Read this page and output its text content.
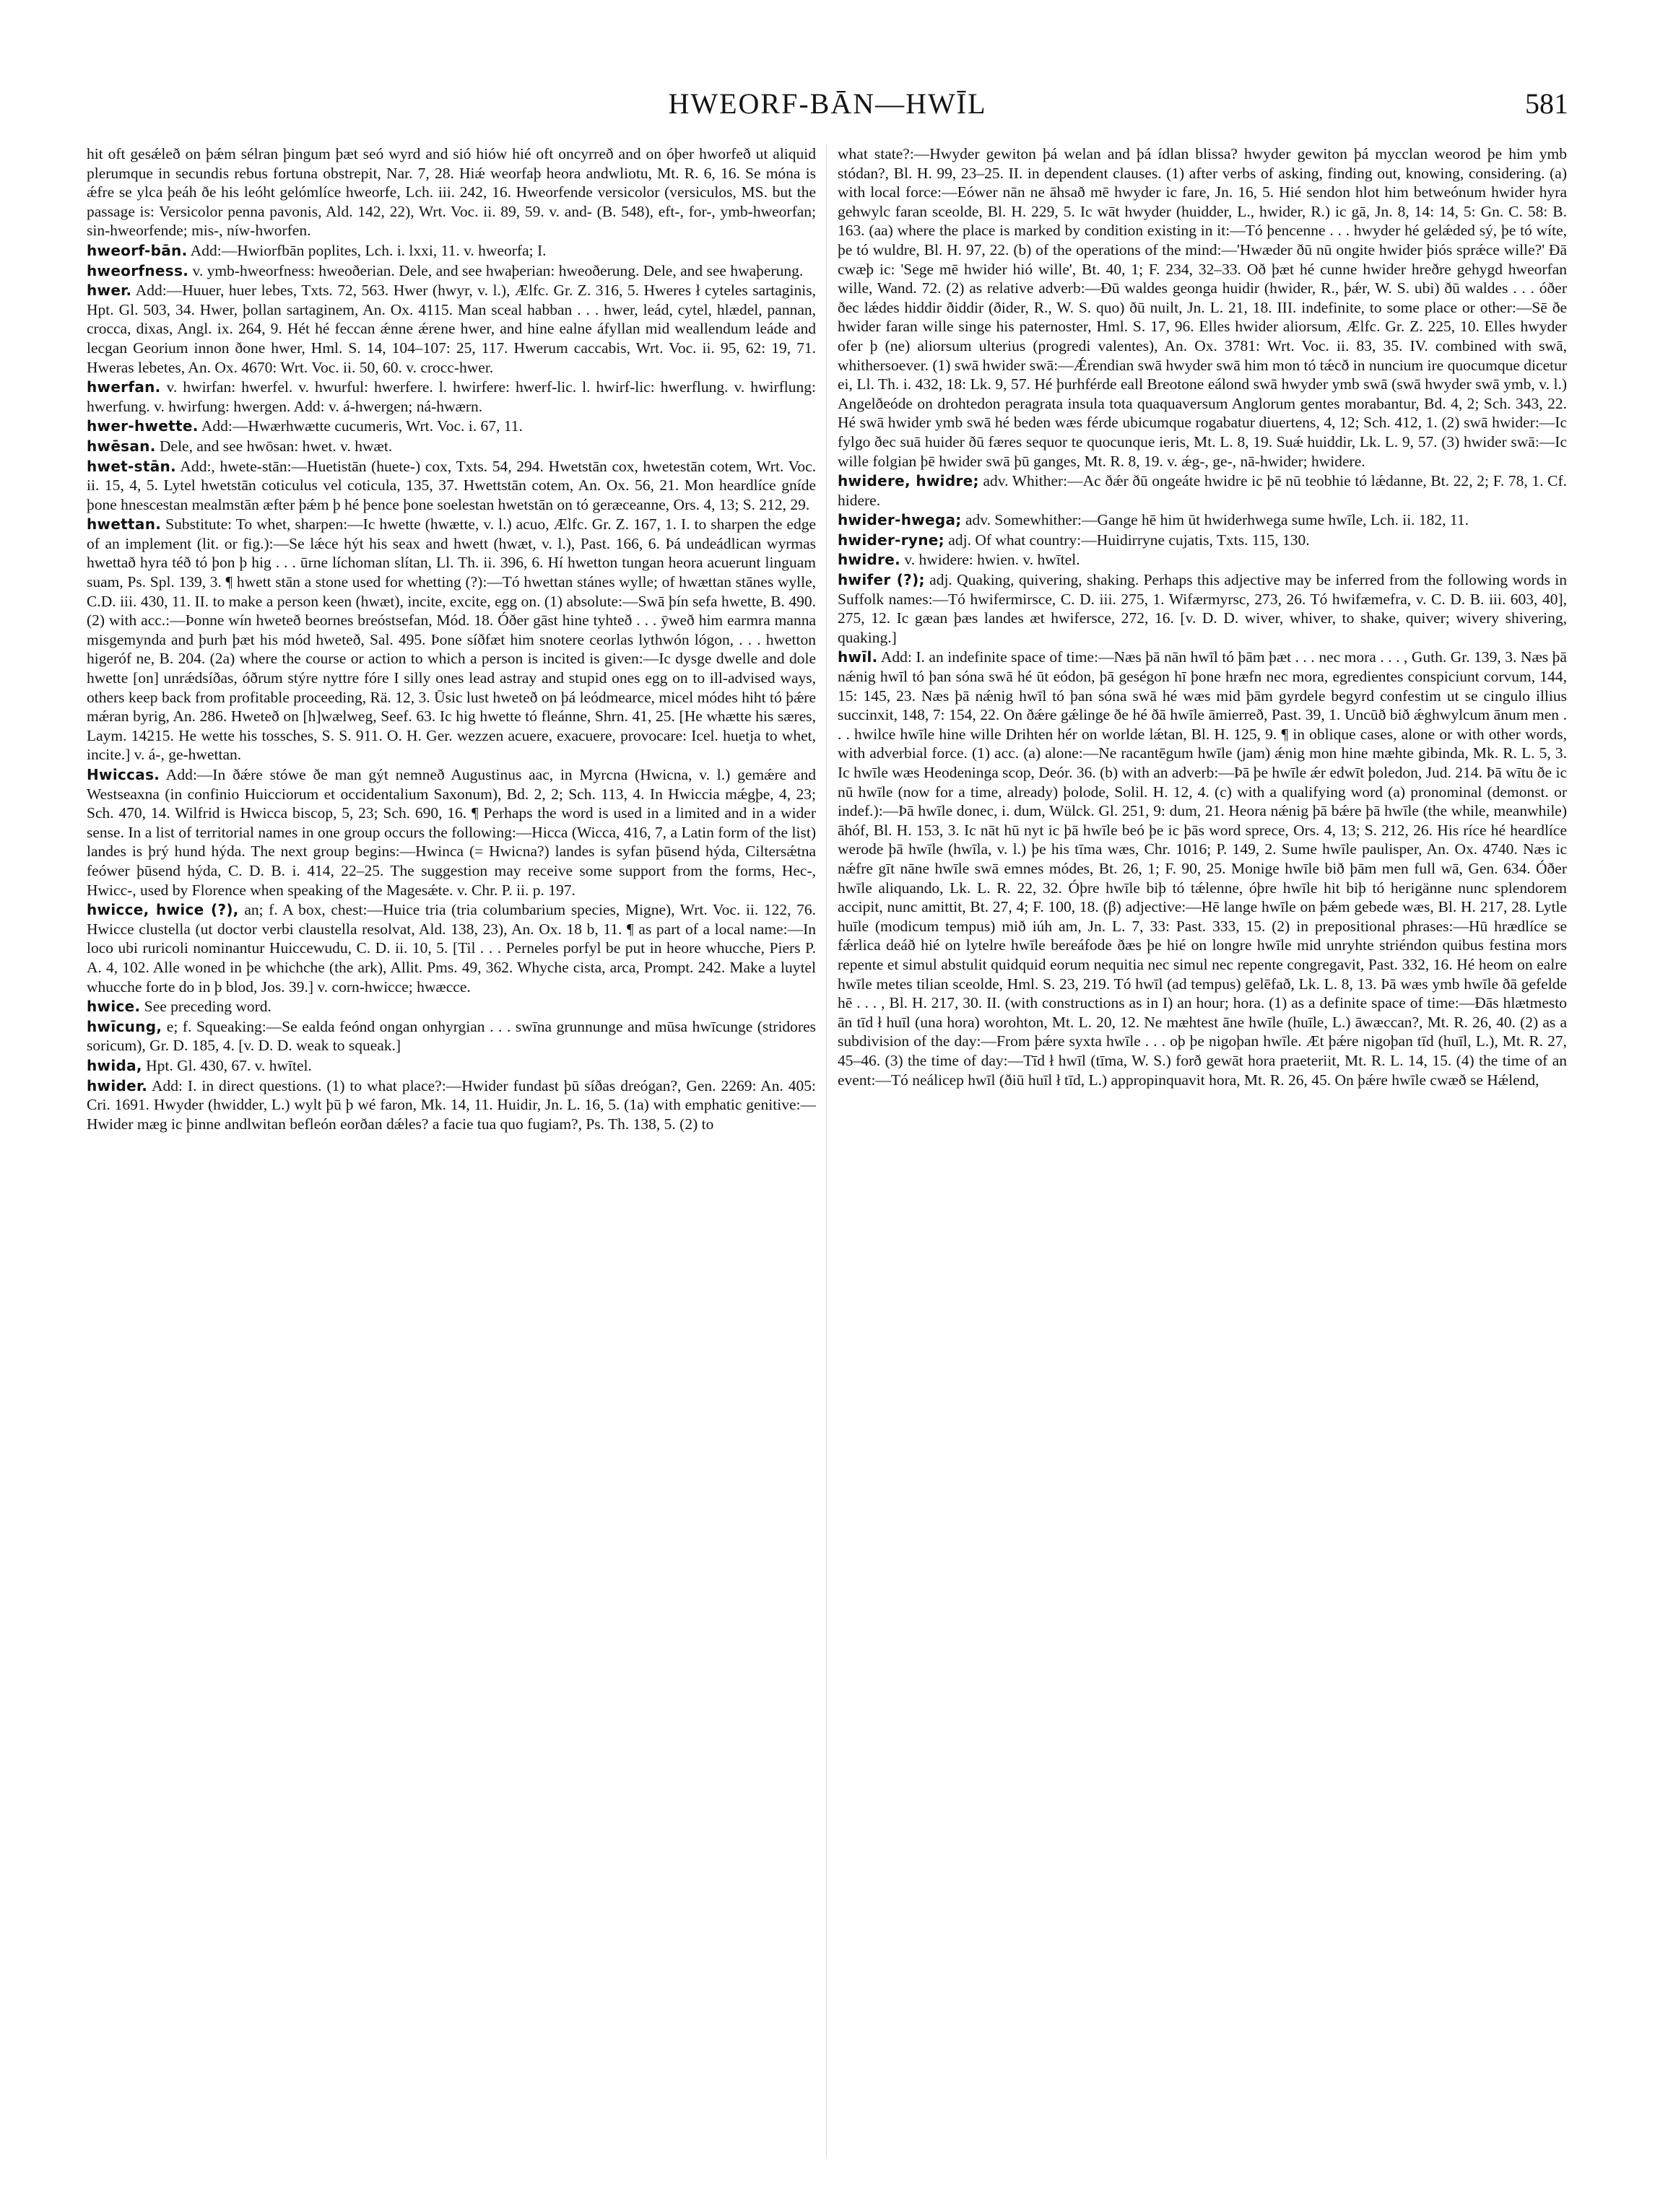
HWEORF-BĀN—HWĪL	581

hit oft gesǽleð on þǽm sélran þingum þæt seó wyrd and sió hiów hié oft oncyrreð and on óþer hworfeð ut aliquid plerumque in secundis rebus fortuna obstrepit, Nar. 7, 28. Hiǽ weorfaþ heora andwliotu, Mt. R. 6, 16. Se móna is ǽfre se ylca þeáh ðe his leóht gelómlíce hweorfe, Lch. iii. 242, 16. Hweorfende versicolor (versiculos, MS. but the passage is: Versicolor penna pavonis, Ald. 142, 22), Wrt. Voc. ii. 89, 59. v. and- (B. 548), eft-, for-, ymb-hweorfan; sin-hweorfende; mis-, níw-hworfen.

hweorf-bān. Add:—Hwiorfbān poplites, Lch. i. lxxi, 11. v. hweorfa; I.

hweorfness. v. ymb-hweorfness: hweoðerian. Dele, and see hwaþerian: hweoðerung. Dele, and see hwaþerung.

hwer. Add:—Huuer, huer lebes, Txts. 72, 563. Hwer (hwyr, v. l.), Ælfc. Gr. Z. 316, 5. Hweres ł cyteles sartaginis, Hpt. Gl. 503, 34. Hwer, þollan sartaginem, An. Ox. 4115. Man sceal habban . . . hwer, leád, cytel, hlædel, pannan, crocca, dixas, Angl. ix. 264, 9. Hét hé feccan ǽnne ǽrene hwer, and hine ealne áfyllan mid weallendum leáde and lecgan Georium innon ðone hwer, Hml. S. 14, 104–107: 25, 117. Hwerum caccabis, Wrt. Voc. ii. 95, 62: 19, 71. Hweras lebetes, An. Ox. 4670: Wrt. Voc. ii. 50, 60. v. crocc-hwer.

hwerfan. v. hwirfan: hwerfel. v. hwurful: hwerfere. l. hwirfere: hwerf-lic. l. hwirf-lic: hwerflung. v. hwirflung: hwerfung. v. hwirfung: hwergen. Add: v. á-hwergen; ná-hwærn.

hwer-hwette. Add:—Hwærhwætte cucumeris, Wrt. Voc. i. 67, 11.

hwēsan. Dele, and see hwōsan: hwet. v. hwæt.

hwet-stān. Add:, hwete-stān:—Huetistān (huete-) cox, Txts. 54, 294. Hwetstān cox, hwetestān cotem, Wrt. Voc. ii. 15, 4, 5. Lytel hwetstān coticulus vel coticula, 135, 37. Hwettstān cotem, An. Ox. 56, 21. Mon heardlíce gníde þone hnescestan mealmstān æfter þǽm þ hé þence þone soelestan hwetstān on tó geræceanne, Ors. 4, 13; S. 212, 29.

hwettan. Substitute: To whet, sharpen:—Ic hwette (hwætte, v. l.) acuo, Ælfc. Gr. Z. 167, 1. I. to sharpen the edge of an implement (lit. or fig.):—Se lǽce hýt his seax and hwett (hwæt, v. l.), Past. 166, 6. Þá undeádlican wyrmas hwettað hyra téð tó þon þ hig . . . ūrne líchoman slítan, Ll. Th. ii. 396, 6. Hí hwetton tungan heora acuerunt linguam suam, Ps. Spl. 139, 3. ¶ hwett stān a stone used for whetting (?):—Tó hwettan stánes wylle; of hwættan stānes wylle, C.D. iii. 430, 11. II. to make a person keen (hwæt), incite, excite, egg on. (1) absolute:—Swā þín sefa hwette, B. 490. (2) with acc.:—Þonne wín hweteð beornes breóstsefan, Mód. 18. Óðer gāst hine tyhteð . . . ȳweð him earmra manna misgemynda and þurh þæt his mód hweteð, Sal. 495. Þone síðfæt him snotere ceorlas lythwón lógon, . . . hwetton higeróf ne, B. 204. (2a) where the course or action to which a person is incited is given:—Ic dysge dwelle and dole hwette [on] unrǽdsíðas, óðrum stýre nyttre fóre I silly ones lead astray and stupid ones egg on to ill-advised ways, others keep back from profitable proceeding, Rä. 12, 3. Ūsic lust hweteð on þá leódmearce, micel módes hiht tó þǽre mǽran byrig, An. 286. Hweteð on [h]wælweg, Seef. 63. Ic hig hwette tó fleánne, Shrn. 41, 25. [He whætte his særes, Laym. 14215. He wette his tossches, S. S. 911. O. H. Ger. wezzen acuere, exacuere, provocare: Icel. huetja to whet, incite.] v. á-, ge-hwettan.

Hwiccas. Add:—In ðǽre stówe ðe man gýt nemneð Augustinus aac, in Myrcna (Hwicna, v. l.) gemǽre and Westseaxna (in confinio Huicciorum et occidentalium Saxonum), Bd. 2, 2; Sch. 113, 4. In Hwiccia mǽgþe, 4, 23; Sch. 470, 14. Wilfrid is Hwicca biscop, 5, 23; Sch. 690, 16. ¶ Perhaps the word is used in a limited and in a wider sense. In a list of territorial names in one group occurs the following:—Hicca (Wicca, 416, 7, a Latin form of the list) landes is þrý hund hýda. The next group begins:—Hwinca (= Hwicna?) landes is syfan þūsend hýda, Ciltersǽtna feówer þūsend hýda, C. D. B. i. 414, 22–25. The suggestion may receive some support from the forms, Hec-, Hwicc-, used by Florence when speaking of the Magesǽte. v. Chr. P. ii. p. 197.

hwicce, hwice (?), an; f. A box, chest:—Huice tria (tria columbarium species, Migne), Wrt. Voc. ii. 122, 76. Hwicce clustella (ut doctor verbi claustella resolvat, Ald. 138, 23), An. Ox. 18 b, 11. ¶ as part of a local name:—In loco ubi ruricoli nominantur Huiccewudu, C. D. ii. 10, 5. [Til . . . Perneles porfyl be put in heore whucche, Piers P. A. 4, 102. Alle woned in þe whichche (the ark), Allit. Pms. 49, 362. Whyche cista, arca, Prompt. 242. Make a luytel whucche forte do in þ blod, Jos. 39.] v. corn-hwicce; hwæcce.

hwice. See preceding word.

hwīcung, e; f. Squeaking:—Se ealda feónd ongan onhyrgian . . . swīna grunnunge and mūsa hwīcunge (stridores soricum), Gr. D. 185, 4. [v. D. D. weak to squeak.]

hwida, Hpt. Gl. 430, 67. v. hwītel.

hwider. Add: I. in direct questions. (1) to what place?:—Hwider fundast þū síðas dreógan?, Gen. 2269: An. 405: Cri. 1691. Hwyder (hwidder, L.) wylt þū þ wé faron, Mk. 14, 11. Huidir, Jn. L. 16, 5. (1a) with emphatic genitive:—Hwider mæg ic þinne andlwitan befleón eorðan dǽles? a facie tua quo fugiam?, Ps. Th. 138, 5. (2) to

what state?:—Hwyder gewiton þá welan and þá ídlan blissa? hwyder gewiton þá mycclan weorod þe him ymb stódan?, Bl. H. 99, 23–25. II. in dependent clauses. (1) after verbs of asking, finding out, knowing, considering. (a) with local force:—Eówer nān ne āhsað mē hwyder ic fare, Jn. 16, 5. Hié sendon hlot him betweónum hwider hyra gehwylc faran sceolde, Bl. H. 229, 5. Ic wāt hwyder (huidder, L., hwider, R.) ic gā, Jn. 8, 14: 14, 5: Gn. C. 58: B. 163. (aa) where the place is marked by condition existing in it:—Tó þencenne . . . hwyder hé gelǽded sý, þe tó wíte, þe tó wuldre, Bl. H. 97, 22. (b) of the operations of the mind:—'Hwæder ðū nū ongite hwider þiós sprǽce wille?' Ðā cwæþ ic: 'Sege mē hwider hió wille', Bt. 40, 1; F. 234, 32–33. Oð þæt hé cunne hwider hreðre gehygd hweorfan wille, Wand. 72. (2) as relative adverb:—Ðū waldes geonga huidir (hwider, R., þǽr, W. S. ubi) ðū waldes . . . óðer ðec lǽdes hiddir ðiddir (ðider, R., W. S. quo) ðū nuilt, Jn. L. 21, 18. III. indefinite, to some place or other:—Sē ðe hwider faran wille singe his paternoster, Hml. S. 17, 96. Elles hwider aliorsum, Ælfc. Gr. Z. 225, 10. Elles hwyder ofer þ (ne) aliorsum ulterius (progredi valentes), An. Ox. 3781: Wrt. Voc. ii. 83, 35. IV. combined with swā, whithersoever. (1) swā hwider swā:—Ǽrendian swā hwyder swā him mon tó tǽcð in nuncium ire quocumque dicetur ei, Ll. Th. i. 432, 18: Lk. 9, 57. Hé þurhférde eall Breotone eálond swā hwyder ymb swā (swā hwyder swā ymb, v. l.) Angelðeóde on drohtedon peragrata insula tota quaquaversum Anglorum gentes morabantur, Bd. 4, 2; Sch. 343, 22. Hé swā hwider ymb swā hé beden wæs férde ubicumque rogabatur diuertens, 4, 12; Sch. 412, 1. (2) swā hwider:—Ic fylgo ðec suā huider ðū færes sequor te quocunque ieris, Mt. L. 8, 19. Suǽ huiddir, Lk. L. 9, 57. (3) hwider swā:—Ic wille folgian þē hwider swā þū ganges, Mt. R. 8, 19. v. ǽg-, ge-, nā-hwider; hwidere.

hwidere, hwidre; adv. Whither:—Ac ðǽr ðū ongeáte hwidre ic þē nū teobhie tó lǽdanne, Bt. 22, 2; F. 78, 1. Cf. hidere.

hwider-hwega; adv. Somewhither:—Gange hē him ūt hwiderhwega sume hwīle, Lch. ii. 182, 11.

hwider-ryne; adj. Of what country:—Huidirryne cujatis, Txts. 115, 130.

hwidre. v. hwidere: hwien. v. hwītel.

hwifer (?); adj. Quaking, quivering, shaking. Perhaps this adjective may be inferred from the following words in Suffolk names:—Tó hwifermirsce, C. D. iii. 275, 1. Wifærmyrsc, 273, 26. Tó hwifæmefra, v. C. D. B. iii. 603, 40], 275, 12. Ic gæan þæs landes æt hwifersce, 272, 16. [v. D. D. wiver, whiver, to shake, quiver; wivery shivering, quaking.]

hwīl. Add: I. an indefinite space of time:—Næs þā nān hwīl tó þām þæt . . . nec mora . . . , Guth. Gr. 139, 3. Næs þā nǽnig hwīl tó þan sóna swā hé ūt eódon, þā geségon hī þone hræfn nec mora, egredientes conspiciunt corvum, 144, 15: 145, 23. Næs þā nǽnig hwīl tó þan sóna swā hé wæs mid þām gyrdele begyrd confestim ut se cingulo illius succinxit, 148, 7: 154, 22. On ðǽre gǽlinge ðe hé ðā hwīle āmierreð, Past. 39, 1. Uncūð bið ǽghwylcum ānum men . . . hwilce hwīle hine wille Drihten hér on worlde lǽtan, Bl. H. 125, 9. ¶ in oblique cases, alone or with other words, with adverbial force. (1) acc. (a) alone:—Ne racantēgum hwīle (jam) ǽnig mon hine mæhte gibinda, Mk. R. L. 5, 3. Ic hwīle wæs Heodeninga scop, Deór. 36. (b) with an adverb:—Þā þe hwīle ǽr edwīt þoledon, Jud. 214. Þā wītu ðe ic nū hwīle (now for a time, already) þolode, Solil. H. 12, 4. (c) with a qualifying word (a) pronominal (demonst. or indef.):—Þā hwīle donec, i. dum, Wülck. Gl. 251, 9: dum, 21. Heora nǽnig þā bǽre þā hwīle (the while, meanwhile) āhóf, Bl. H. 153, 3. Ic nāt hū nyt ic þā hwīle beó þe ic þās word sprece, Ors. 4, 13; S. 212, 26. His ríce hé heardlíce werode þā hwīle (hwīla, v. l.) þe his tīma wæs, Chr. 1016; P. 149, 2. Sume hwīle paulisper, An. Ox. 4740. Næs ic nǽfre gīt nāne hwīle swā emnes módes, Bt. 26, 1; F. 90, 25. Monige hwīle bið þām men full wā, Gen. 634. Óðer hwīle aliquando, Lk. L. R. 22, 32. Óþre hwīle biþ tó tǽlenne, óþre hwīle hit biþ tó herigänne nunc splendorem accipit, nunc amittit, Bt. 27, 4; F. 100, 18. (β) adjective:—Hē lange hwīle on þǽm gebede wæs, Bl. H. 217, 28. Lytle huīle (modicum tempus) mið iúh am, Jn. L. 7, 33: Past. 333, 15. (2) in prepositional phrases:—Hū hrædlíce se fǽrlica deáð hié on lytelre hwīle bereáfode ðæs þe hié on longre hwīle mid unryhte striéndon quibus festina mors repente et simul abstulit quidquid eorum nequitia nec simul nec repente congregavit, Past. 332, 16. Hé heom on ealre hwīle metes tilian sceolde, Hml. S. 23, 219. Tó hwīl (ad tempus) gelēfað, Lk. L. 8, 13. Þā wæs ymb hwīle ðā gefelde hē . . . , Bl. H. 217, 30. II. (with constructions as in I) an hour; hora. (1) as a definite space of time:—Ðās hlætmesto ān tīd ł huīl (una hora) worohton, Mt. L. 20, 12. Ne mæhtest āne hwīle (huīle, L.) āwæccan?, Mt. R. 26, 40. (2) as a subdivision of the day:—From þǽre syxta hwīle . . . oþ þe nigoþan hwīle. Æt þǽre nigoþan tīd (huīl, L.), Mt. R. 27, 45–46. (3) the time of day:—Tīd ł hwīl (tīma, W. S.) forð gewāt hora praeteriit, Mt. R. L. 14, 15. (4) the time of an event:—Tó neálicep hwīl (ðiū huīl ł tīd, L.) appropinquavit hora, Mt. R. 26, 45. On þǽre hwīle cwæð se Hǽlend,
